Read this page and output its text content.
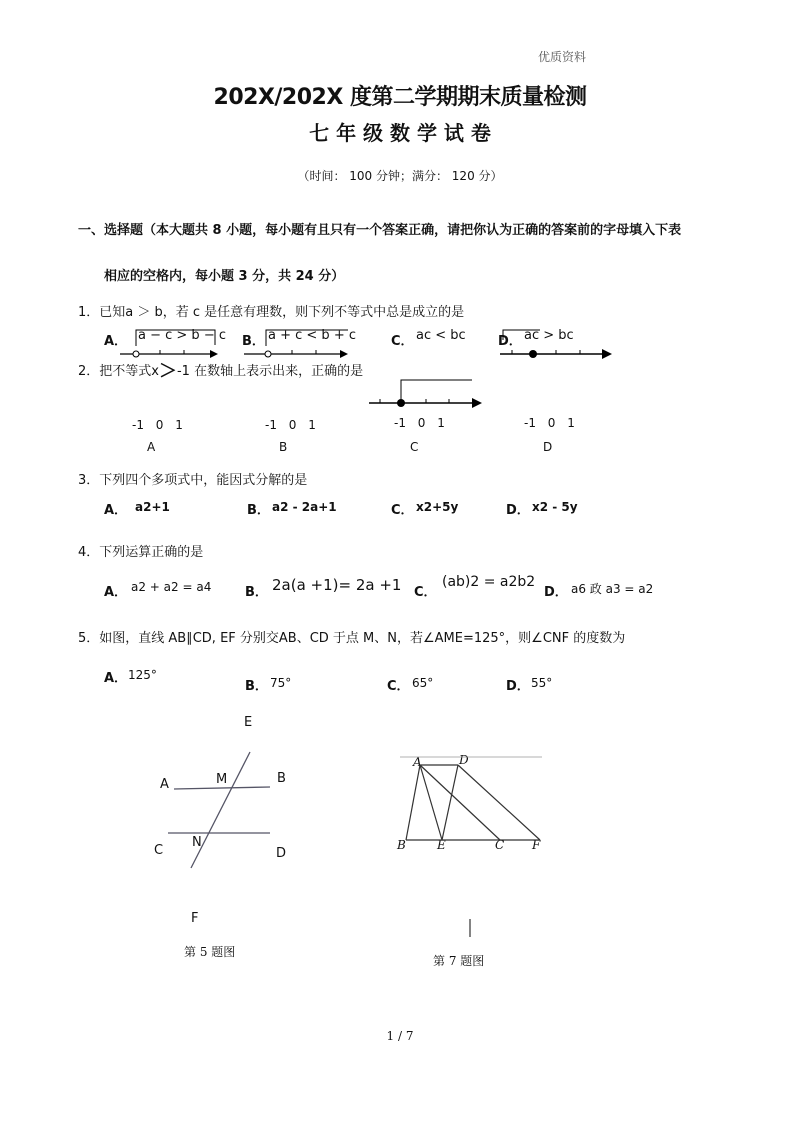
优质资料
202X/202X 度第二学期期末质量检测
七 年 级 数 学 试 卷
（时间： 100 分钟；满分： 120 分）
一、选择题（本大题共 8 小题，每小题有且只有一个答案正确，请把你认为正确的答案前的字母填入下表
相应的空格内，每小题 3 分，共 24 分）
1．已知a ＞ b，若 c 是任意有理数，则下列不等式中总是成立的是
A． a − c > b − c B． a + c < b + c	C． ac < bc D． ac > bc
2．把不等式x＞-1 在数轴上表示出来，正确的是
-1 0 1	-1 0 1	-1 0 1	-1 0 1
A	B	C	D
3．下列四个多项式中，能因式分解的是
A． a2+1	B． a2 - 2a+1	C． x2+5y	D． x2 - 5y
4．下列运算正确的是
A． a2 + a2 = a4	B． 2a(a +1)= 2a +1 C．
(ab)2 = a2b2
D． a6 政 a3 = a2
5．如图，直线 AB∥CD, EF 分别交AB、CD 于点 M、N，若∠AME=125°，则∠CNF 的度数为
A． 125°
B． 75°	C． 65°	D． 55°
E
M
A	B
N
C	D
F
第 5 题图
A	D
B	E	C F
第 7 题图
1 / 7
